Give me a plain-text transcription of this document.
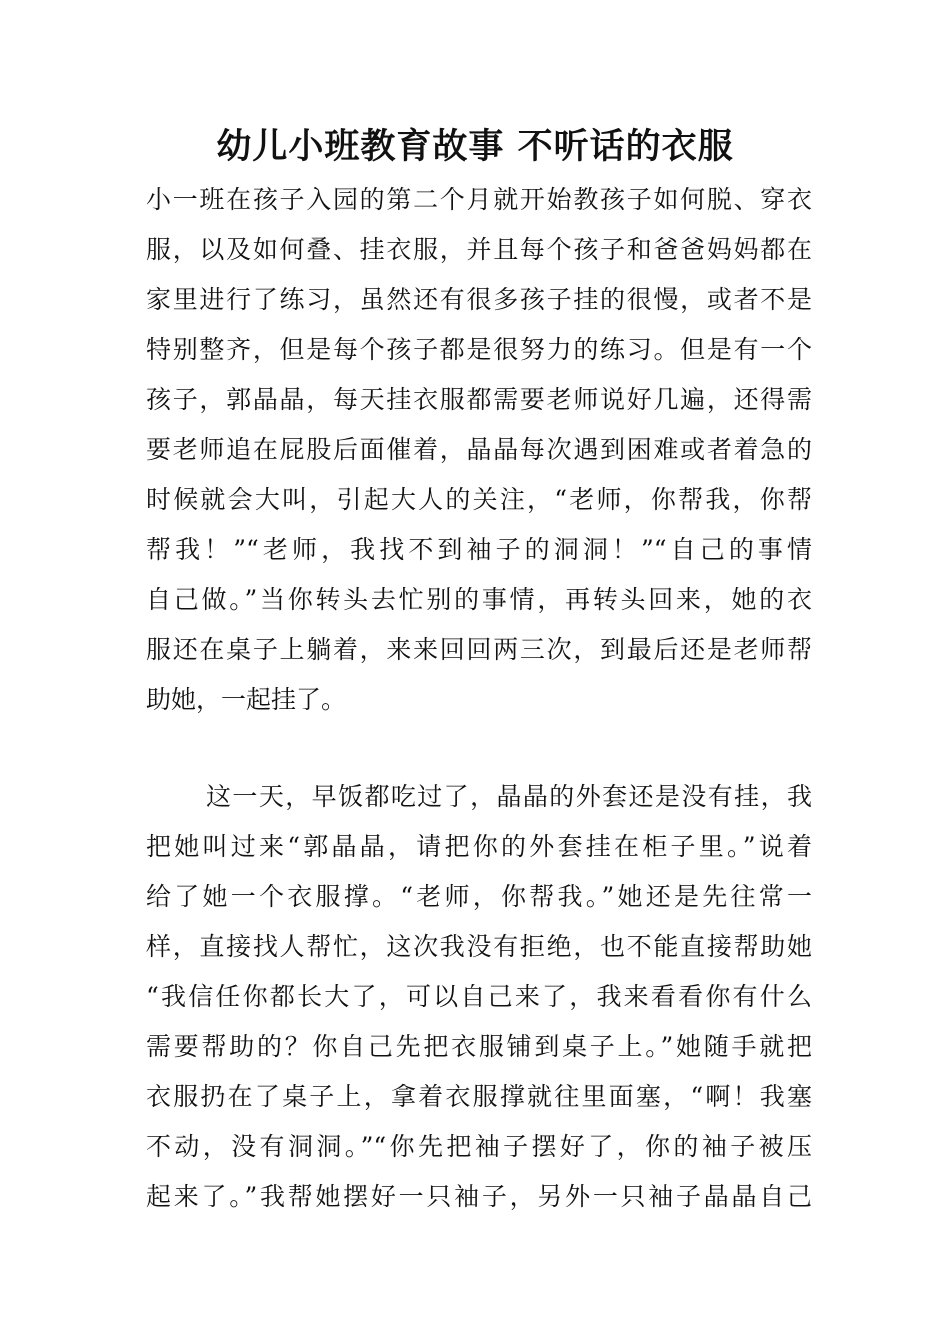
幼儿小班教育故事 不听话的衣服
小一班在孩子入园的第二个月就开始教孩子如何脱、穿衣
服，以及如何叠、挂衣服，并且每个孩子和爸爸妈妈都在
家里进行了练习，虽然还有很多孩子挂的很慢，或者不是
特别整齐，但是每个孩子都是很努力的练习。但是有一个
孩子，郭晶晶，每天挂衣服都需要老师说好几遍，还得需
要老师追在屁股后面催着，晶晶每次遇到困难或者着急的
时候就会大叫，引起大人的关注，“老师，你帮我，你帮
帮我！”“老师，我找不到袖子的洞洞！”“自己的事情
自己做。”当你转头去忙别的事情，再转头回来，她的衣
服还在桌子上躺着，来来回回两三次，到最后还是老师帮
助她，一起挂了。
这一天，早饭都吃过了，晶晶的外套还是没有挂，我
把她叫过来“郭晶晶，请把你的外套挂在柜子里。”说着
给了她一个衣服撑。“老师，你帮我。”她还是先往常一
样，直接找人帮忙，这次我没有拒绝，也不能直接帮助她
“我信任你都长大了，可以自己来了，我来看看你有什么
需要帮助的？你自己先把衣服铺到桌子上。”她随手就把
衣服扔在了桌子上，拿着衣服撑就往里面塞，“啊！我塞
不动，没有洞洞。”“你先把袖子摆好了，你的袖子被压
起来了。”我帮她摆好一只袖子，另外一只袖子晶晶自己
